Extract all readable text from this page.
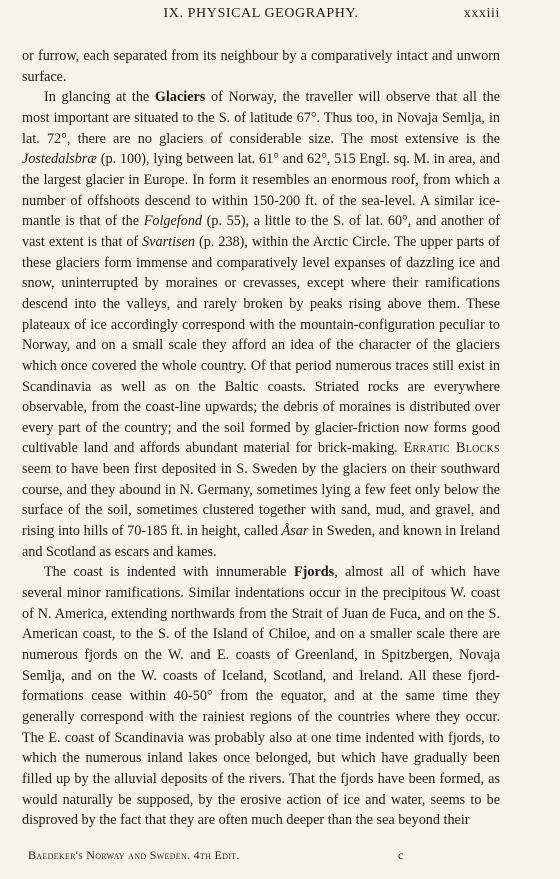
IX. PHYSICAL GEOGRAPHY.	xxxiii

or furrow, each separated from its neighbour by a comparatively intact and unworn surface.

In glancing at the Glaciers of Norway, the traveller will observe that all the most important are situated to the S. of latitude 67°. Thus too, in Novaja Semlja, in lat. 72°, there are no glaciers of considerable size. The most extensive is the Jostedalsbræ (p. 100), lying between lat. 61° and 62°, 515 Engl. sq. M. in area, and the largest glacier in Europe. In form it resembles an enormous roof, from which a number of offshoots descend to within 150-200 ft. of the sea-level. A similar ice-mantle is that of the Folgefond (p. 55), a little to the S. of lat. 60°, and another of vast extent is that of Svartisen (p. 238), within the Arctic Circle. The upper parts of these glaciers form immense and comparatively level expanses of dazzling ice and snow, uninterrupted by moraines or crevasses, except where their ramifications descend into the valleys, and rarely broken by peaks rising above them. These plateaux of ice accordingly correspond with the mountain-configuration peculiar to Norway, and on a small scale they afford an idea of the character of the glaciers which once covered the whole country. Of that period numerous traces still exist in Scandinavia as well as on the Baltic coasts. Striated rocks are everywhere observable, from the coast-line upwards; the debris of moraines is distributed over every part of the country; and the soil formed by glacier-friction now forms good cultivable land and affords abundant material for brick-making. Erratic Blocks seem to have been first deposited in S. Sweden by the glaciers on their southward course, and they abound in N. Germany, sometimes lying a few feet only below the surface of the soil, sometimes clustered together with sand, mud, and gravel, and rising into hills of 70-185 ft. in height, called Åsar in Sweden, and known in Ireland and Scotland as escars and kames.

The coast is indented with innumerable Fjords, almost all of which have several minor ramifications. Similar indentations occur in the precipitous W. coast of N. America, extending northwards from the Strait of Juan de Fuca, and on the S. American coast, to the S. of the Island of Chiloe, and on a smaller scale there are numerous fjords on the W. and E. coasts of Greenland, in Spitzbergen, Novaja Semlja, and on the W. coasts of Iceland, Scotland, and Ireland. All these fjord-formations cease within 40-50° from the equator, and at the same time they generally correspond with the rainiest regions of the countries where they occur. The E. coast of Scandinavia was probably also at one time indented with fjords, to which the numerous inland lakes once belonged, but which have gradually been filled up by the alluvial deposits of the rivers. That the fjords have been formed, as would naturally be supposed, by the erosive action of ice and water, seems to be disproved by the fact that they are often much deeper than the sea beyond their

Baedeker's Norway and Sweden. 4th Edit.	c
